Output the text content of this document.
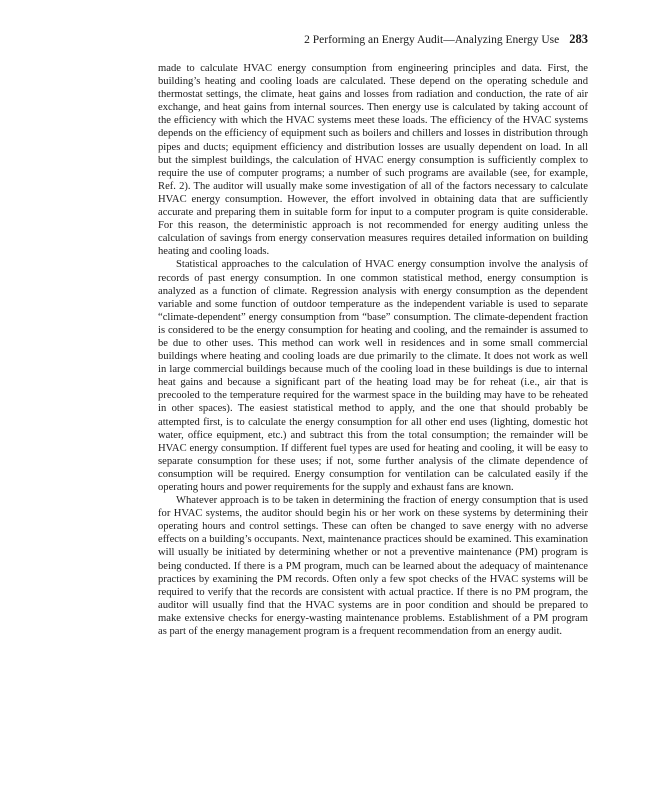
2 Performing an Energy Audit—Analyzing Energy Use 283

made to calculate HVAC energy consumption from engineering principles and data. First, the building’s heating and cooling loads are calculated. These depend on the operating schedule and thermostat settings, the climate, heat gains and losses from radiation and conduction, the rate of air exchange, and heat gains from internal sources. Then energy use is calculated by taking account of the efficiency with which the HVAC systems meet these loads. The efficiency of the HVAC systems depends on the efficiency of equipment such as boilers and chillers and losses in distribution through pipes and ducts; equipment efficiency and distribution losses are usually dependent on load. In all but the simplest buildings, the calculation of HVAC energy consumption is sufficiently complex to require the use of computer programs; a number of such programs are available (see, for example, Ref. 2). The auditor will usually make some investigation of all of the factors necessary to calculate HVAC energy consumption. However, the effort involved in obtaining data that are sufficiently accurate and preparing them in suitable form for input to a computer program is quite considerable. For this reason, the deterministic approach is not recommended for energy auditing unless the calculation of savings from energy conservation measures requires detailed information on building heating and cooling loads.

Statistical approaches to the calculation of HVAC energy consumption involve the analysis of records of past energy consumption. In one common statistical method, energy consumption is analyzed as a function of climate. Regression analysis with energy consumption as the dependent variable and some function of outdoor temperature as the independent variable is used to separate “climate-dependent” energy consumption from “base” consumption. The climate-dependent fraction is considered to be the energy consumption for heating and cooling, and the remainder is assumed to be due to other uses. This method can work well in residences and in some small commercial buildings where heating and cooling loads are due primarily to the climate. It does not work as well in large commercial buildings because much of the cooling load in these buildings is due to internal heat gains and because a significant part of the heating load may be for reheat (i.e., air that is precooled to the temperature required for the warmest space in the building may have to be reheated in other spaces). The easiest statistical method to apply, and the one that should probably be attempted first, is to calculate the energy consumption for all other end uses (lighting, domestic hot water, office equipment, etc.) and subtract this from the total consumption; the remainder will be HVAC energy consumption. If different fuel types are used for heating and cooling, it will be easy to separate consumption for these uses; if not, some further analysis of the climate dependence of consumption will be required. Energy consumption for ventilation can be calculated easily if the operating hours and power requirements for the supply and exhaust fans are known.

Whatever approach is to be taken in determining the fraction of energy consumption that is used for HVAC systems, the auditor should begin his or her work on these systems by determining their operating hours and control settings. These can often be changed to save energy with no adverse effects on a building’s occupants. Next, maintenance practices should be examined. This examination will usually be initiated by determining whether or not a preventive maintenance (PM) program is being conducted. If there is a PM program, much can be learned about the adequacy of maintenance practices by examining the PM records. Often only a few spot checks of the HVAC systems will be required to verify that the records are consistent with actual practice. If there is no PM program, the auditor will usually find that the HVAC systems are in poor condition and should be prepared to make extensive checks for energy-wasting maintenance problems. Establishment of a PM program as part of the energy management program is a frequent recommendation from an energy audit.
